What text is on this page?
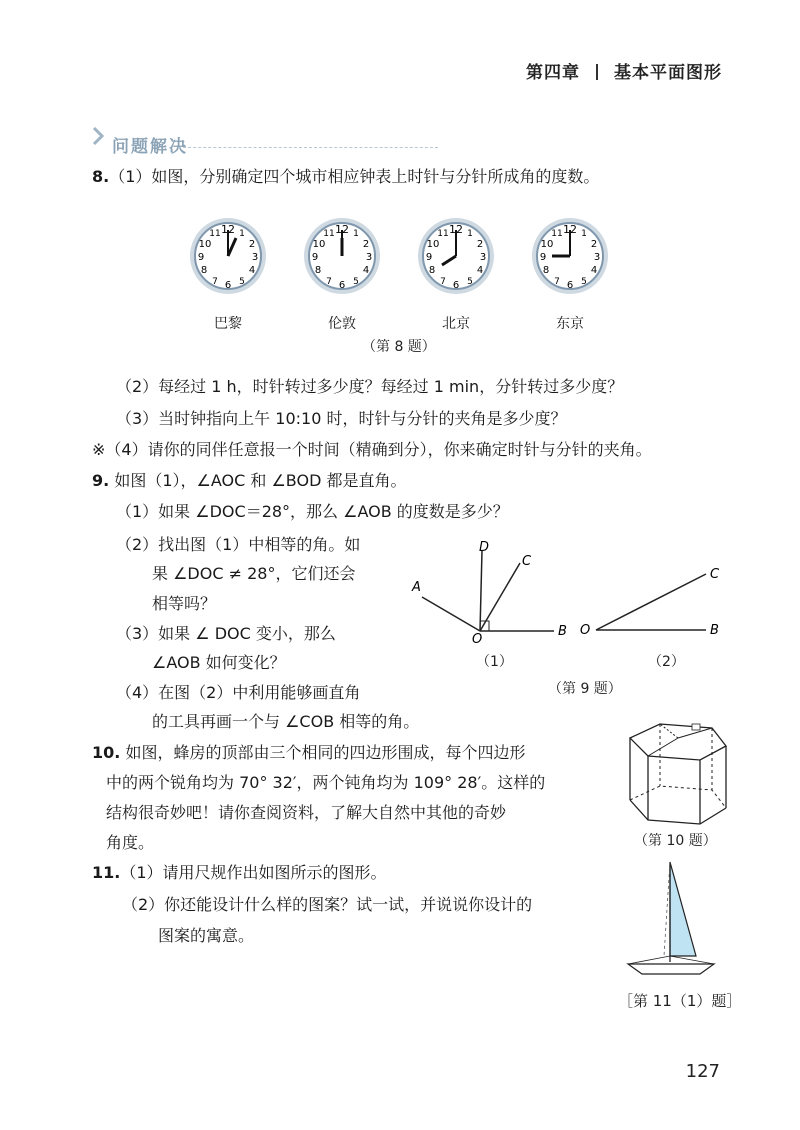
第四章 基本平面图形
问题解决
8.（1）如图，分别确定四个城市相应钟表上时针与分针所成角的度数。
巴黎	伦敦	北京	东京
（第 8 题）
（2）每经过 1 h，时针转过多少度？每经过 1 min，分针转过多少度？
（3）当时钟指向上午 10:10 时，时针与分针的夹角是多少度？
※（4）请你的同伴任意报一个时间（精确到分），你来确定时针与分针的夹角。
9. 如图（1），∠AOC 和 ∠BOD 都是直角。
（1）如果 ∠DOC＝28°，那么 ∠AOB 的度数是多少？
（2）找出图（1）中相等的角。如
果 ∠DOC ≠ 28°，它们还会
相等吗？
（3）如果 ∠ DOC 变小，那么
∠AOB 如何变化？
（4）在图（2）中利用能够画直角
的工具再画一个与 ∠COB 相等的角。
D
C
A
B
O
（1）
O	B
C
（2）
（第 9 题）
10. 如图，蜂房的顶部由三个相同的四边形围成，每个四边形
中的两个锐角均为 70° 32′，两个钝角均为 109° 28′。这样的
结构很奇妙吧！请你查阅资料，了解大自然中其他的奇妙
角度。	（第 10 题）
11.（1）请用尺规作出如图所示的图形。
（2）你还能设计什么样的图案？试一试，并说说你设计的
图案的寓意。
［第 11（1）题］
127
